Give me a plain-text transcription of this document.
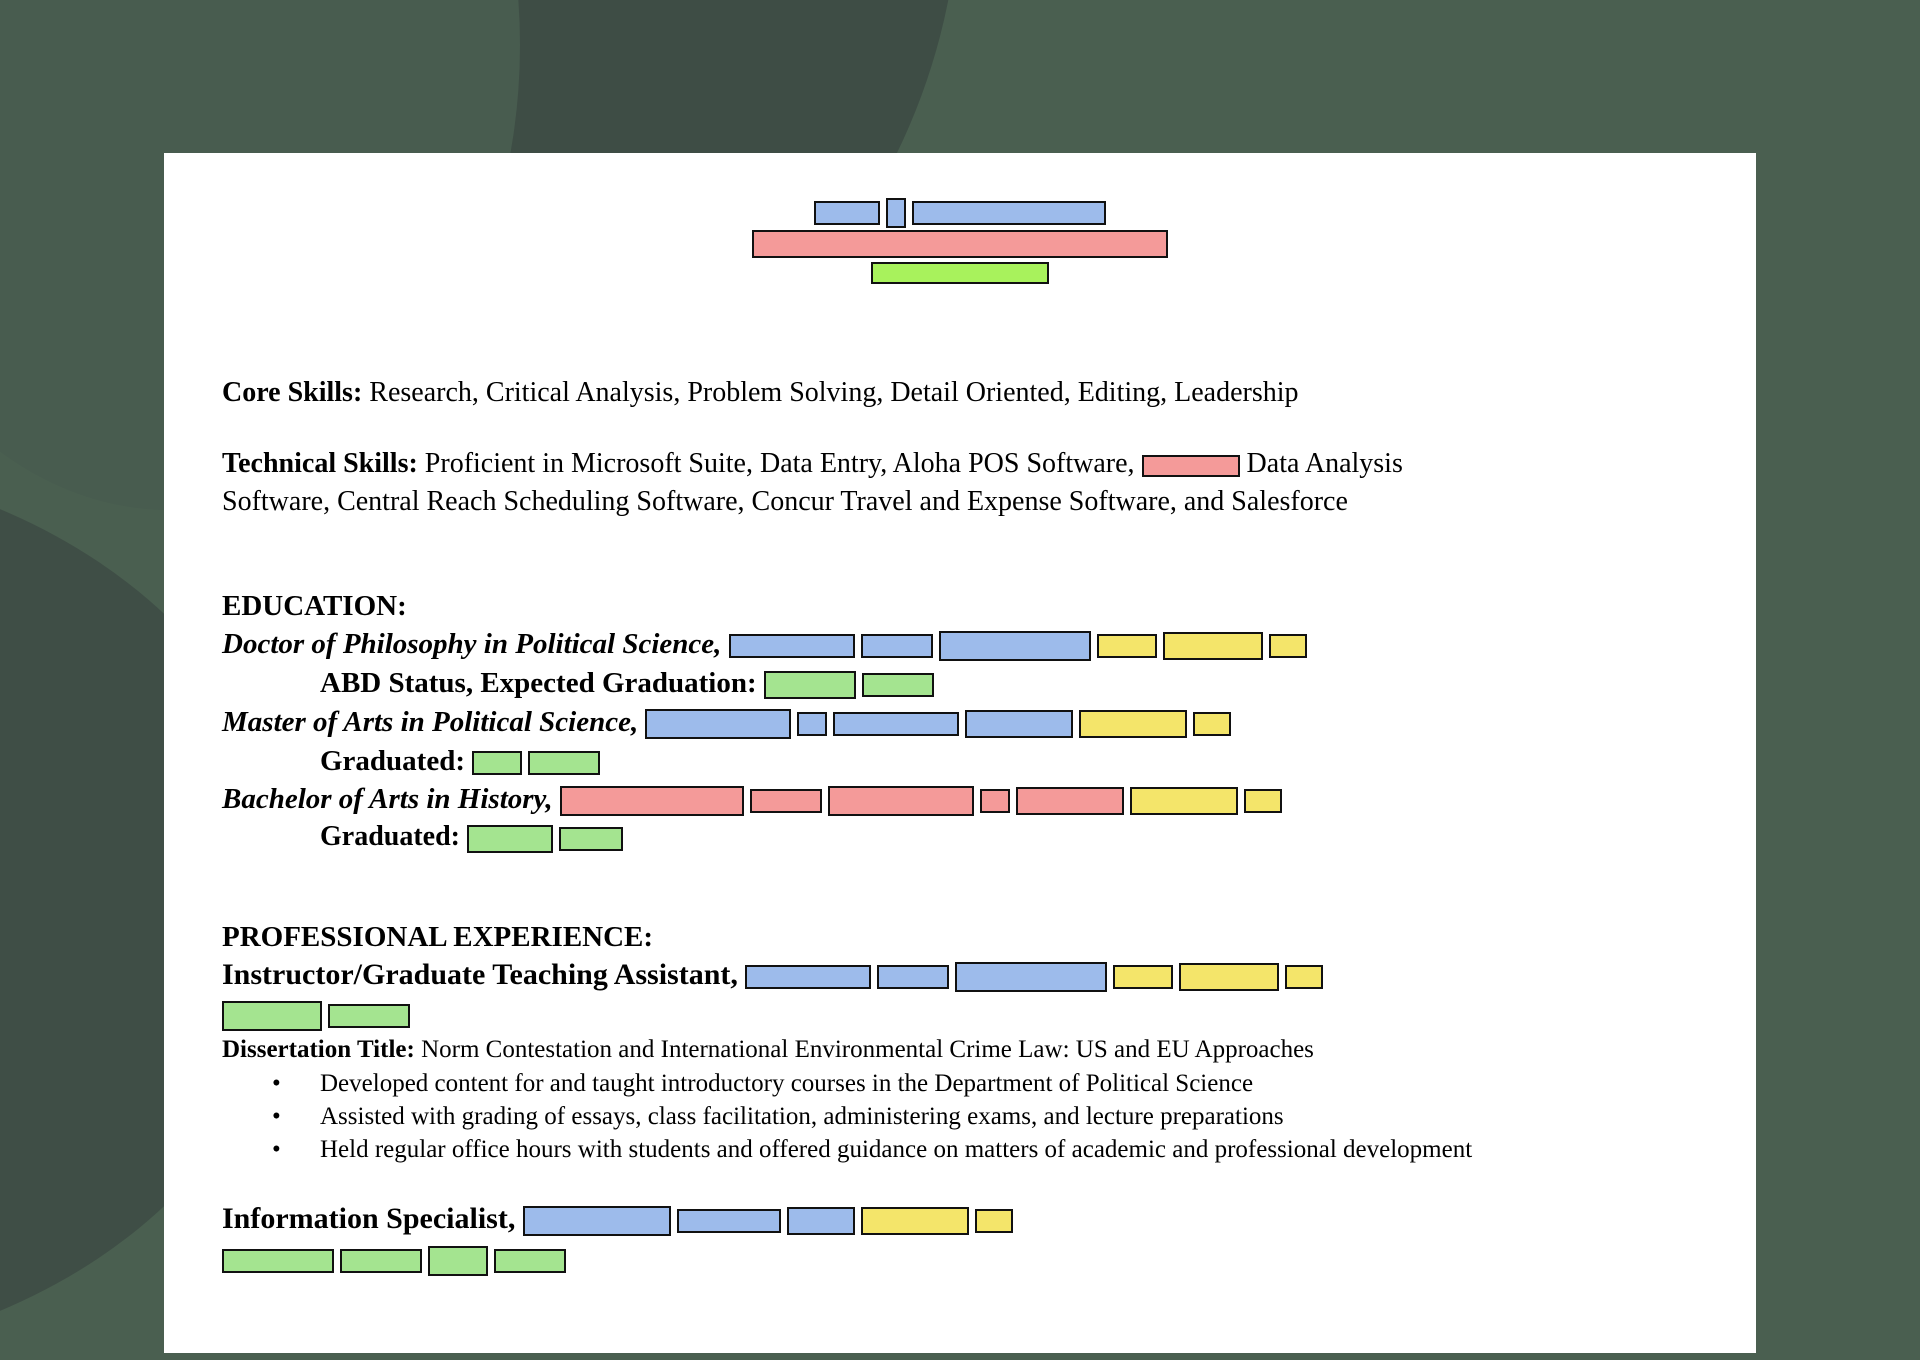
Core Skills: Research, Critical Analysis, Problem Solving, Detail Oriented, Editing, Leadership
Technical Skills: Proficient in Microsoft Suite, Data Entry, Aloha POS Software,	Data Analysis
Software, Central Reach Scheduling Software, Concur Travel and Expense Software, and Salesforce
EDUCATION:
Doctor of Philosophy in Political Science,
ABD Status, Expected Graduation:
Master of Arts in Political Science,
Graduated:
Bachelor of Arts in History,
Graduated:
PROFESSIONAL EXPERIENCE:
Instructor/Graduate Teaching Assistant,
Dissertation Title: Norm Contestation and International Environmental Crime Law: US and EU Approaches
• Developed content for and taught introductory courses in the Department of Political Science
• Assisted with grading of essays, class facilitation, administering exams, and lecture preparations
• Held regular office hours with students and offered guidance on matters of academic and professional development
Information Specialist,
